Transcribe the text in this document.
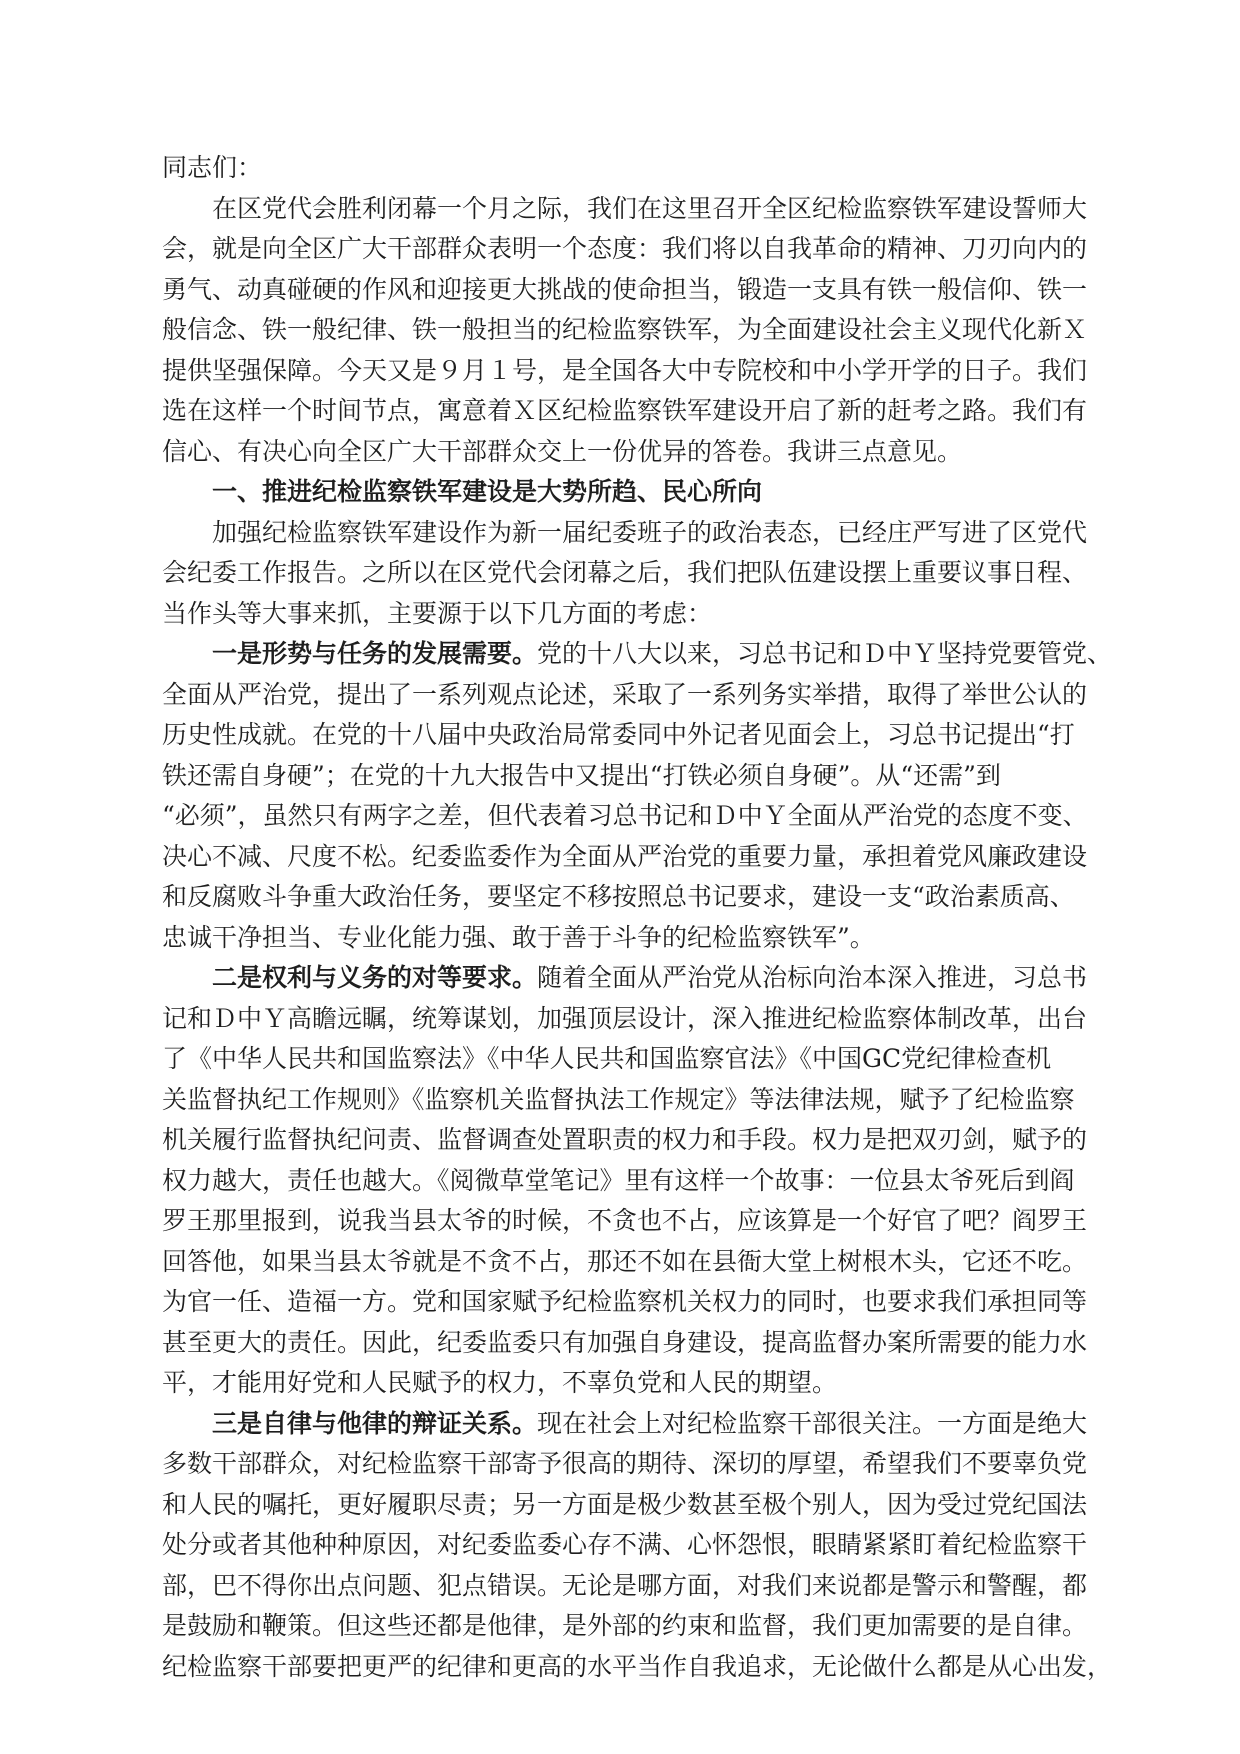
同志们：
在区党代会胜利闭幕一个月之际，我们在这里召开全区纪检监察铁军建设誓师大
会，就是向全区广大干部群众表明一个态度：我们将以自我革命的精神、刀刃向内的
勇气、动真碰硬的作风和迎接更大挑战的使命担当，锻造一支具有铁一般信仰、铁一
般信念、铁一般纪律、铁一般担当的纪检监察铁军，为全面建设社会主义现代化新Ｘ
提供坚强保障。今天又是９月１号，是全国各大中专院校和中小学开学的日子。我们
选在这样一个时间节点，寓意着Ｘ区纪检监察铁军建设开启了新的赶考之路。我们有
信心、有决心向全区广大干部群众交上一份优异的答卷。我讲三点意见。
一、推进纪检监察铁军建设是大势所趋、民心所向
加强纪检监察铁军建设作为新一届纪委班子的政治表态，已经庄严写进了区党代
会纪委工作报告。之所以在区党代会闭幕之后，我们把队伍建设摆上重要议事日程、
当作头等大事来抓，主要源于以下几方面的考虑：
一是形势与任务的发展需要。党的十八大以来，习总书记和Ｄ中Ｙ坚持党要管党、
全面从严治党，提出了一系列观点论述，采取了一系列务实举措，取得了举世公认的
历史性成就。在党的十八届中央政治局常委同中外记者见面会上，习总书记提出“打
铁还需自身硬”；在党的十九大报告中又提出“打铁必须自身硬”。从“还需”到
“必须”，虽然只有两字之差，但代表着习总书记和Ｄ中Ｙ全面从严治党的态度不变、
决心不减、尺度不松。纪委监委作为全面从严治党的重要力量，承担着党风廉政建设
和反腐败斗争重大政治任务，要坚定不移按照总书记要求，建设一支“政治素质高、
忠诚干净担当、专业化能力强、敢于善于斗争的纪检监察铁军”。
二是权利与义务的对等要求。随着全面从严治党从治标向治本深入推进，习总书
记和Ｄ中Ｙ高瞻远瞩，统筹谋划，加强顶层设计，深入推进纪检监察体制改革，出台
了《中华人民共和国监察法》《中华人民共和国监察官法》《中国GC党纪律检查机
关监督执纪工作规则》《监察机关监督执法工作规定》等法律法规，赋予了纪检监察
机关履行监督执纪问责、监督调查处置职责的权力和手段。权力是把双刃剑，赋予的
权力越大，责任也越大。《阅微草堂笔记》里有这样一个故事：一位县太爷死后到阎
罗王那里报到，说我当县太爷的时候，不贪也不占，应该算是一个好官了吧？阎罗王
回答他，如果当县太爷就是不贪不占，那还不如在县衙大堂上树根木头，它还不吃。
为官一任、造福一方。党和国家赋予纪检监察机关权力的同时，也要求我们承担同等
甚至更大的责任。因此，纪委监委只有加强自身建设，提高监督办案所需要的能力水
平，才能用好党和人民赋予的权力，不辜负党和人民的期望。
三是自律与他律的辩证关系。现在社会上对纪检监察干部很关注。一方面是绝大
多数干部群众，对纪检监察干部寄予很高的期待、深切的厚望，希望我们不要辜负党
和人民的嘱托，更好履职尽责；另一方面是极少数甚至极个别人，因为受过党纪国法
处分或者其他种种原因，对纪委监委心存不满、心怀怨恨，眼睛紧紧盯着纪检监察干
部，巴不得你出点问题、犯点错误。无论是哪方面，对我们来说都是警示和警醒，都
是鼓励和鞭策。但这些还都是他律，是外部的约束和监督，我们更加需要的是自律。
纪检监察干部要把更严的纪律和更高的水平当作自我追求，无论做什么都是从心出发，
